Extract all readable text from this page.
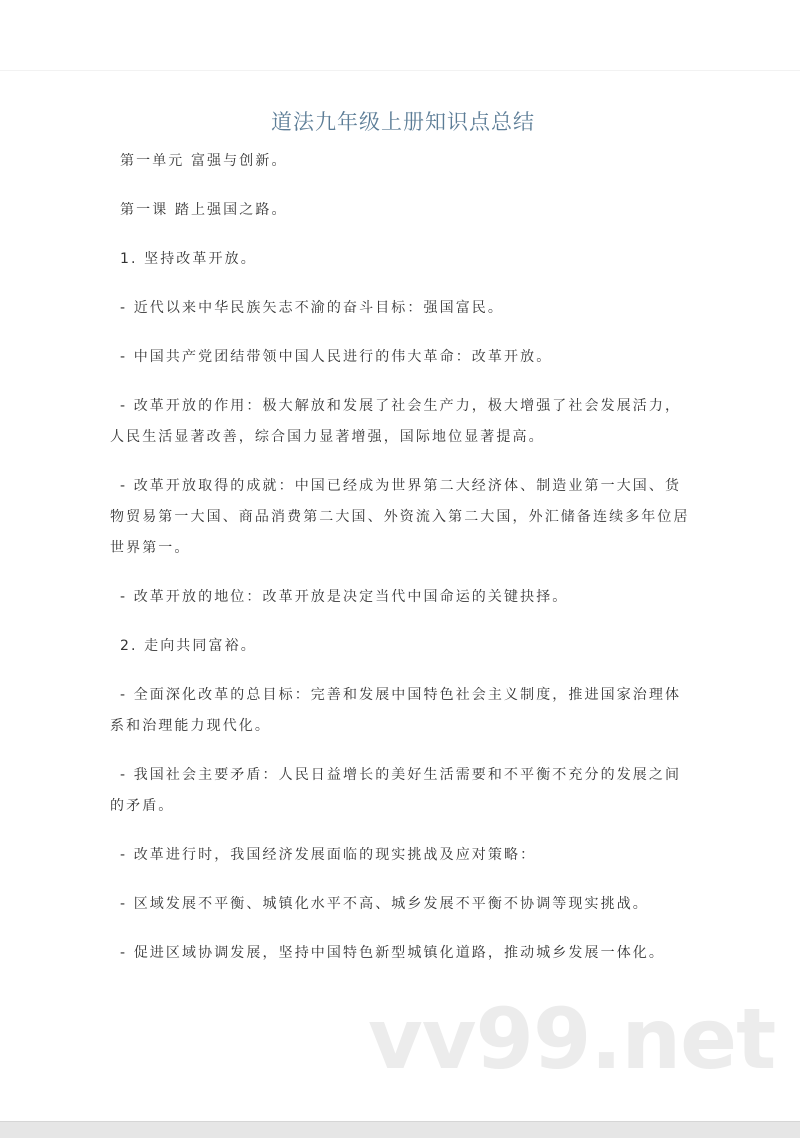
道法九年级上册知识点总结

第一单元 富强与创新。

第一课 踏上强国之路。

1. 坚持改革开放。

- 近代以来中华民族矢志不渝的奋斗目标：强国富民。

- 中国共产党团结带领中国人民进行的伟大革命：改革开放。

- 改革开放的作用：极大解放和发展了社会生产力，极大增强了社会发展活力，人民生活显著改善，综合国力显著增强，国际地位显著提高。

- 改革开放取得的成就：中国已经成为世界第二大经济体、制造业第一大国、货物贸易第一大国、商品消费第二大国、外资流入第二大国，外汇储备连续多年位居世界第一。

- 改革开放的地位：改革开放是决定当代中国命运的关键抉择。

2. 走向共同富裕。

- 全面深化改革的总目标：完善和发展中国特色社会主义制度，推进国家治理体系和治理能力现代化。

- 我国社会主要矛盾：人民日益增长的美好生活需要和不平衡不充分的发展之间的矛盾。

- 改革进行时，我国经济发展面临的现实挑战及应对策略：

- 区域发展不平衡、城镇化水平不高、城乡发展不平衡不协调等现实挑战。

- 促进区域协调发展，坚持中国特色新型城镇化道路，推动城乡发展一体化。

vv99.net
